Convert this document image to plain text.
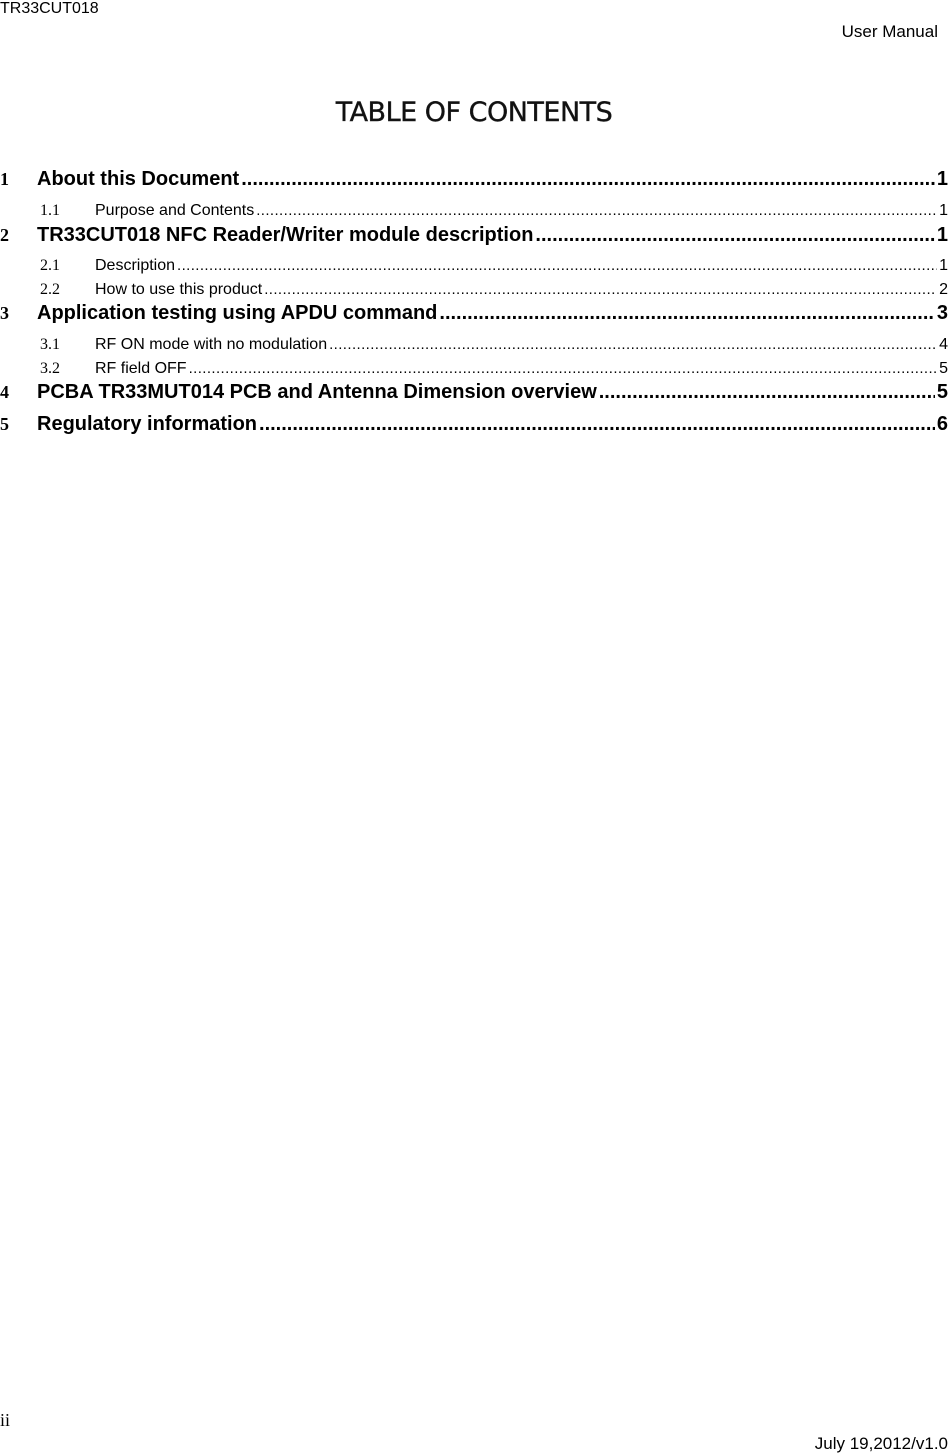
TR33CUT018
User Manual
TABLE OF CONTENTS
1	About this Document .....	1
1.1	Purpose and Contents .....	1
2	TR33CUT018 NFC Reader/Writer module description .....	1
2.1	Description .....	1
2.2	How to use this product .....	2
3	Application testing using APDU command .....	3
3.1	RF ON mode with no modulation .....	4
3.2	RF field OFF .....	5
4	PCBA TR33MUT014 PCB and Antenna Dimension overview .....	5
5	Regulatory information .....	6
ii
July 19,2012/v1.0
